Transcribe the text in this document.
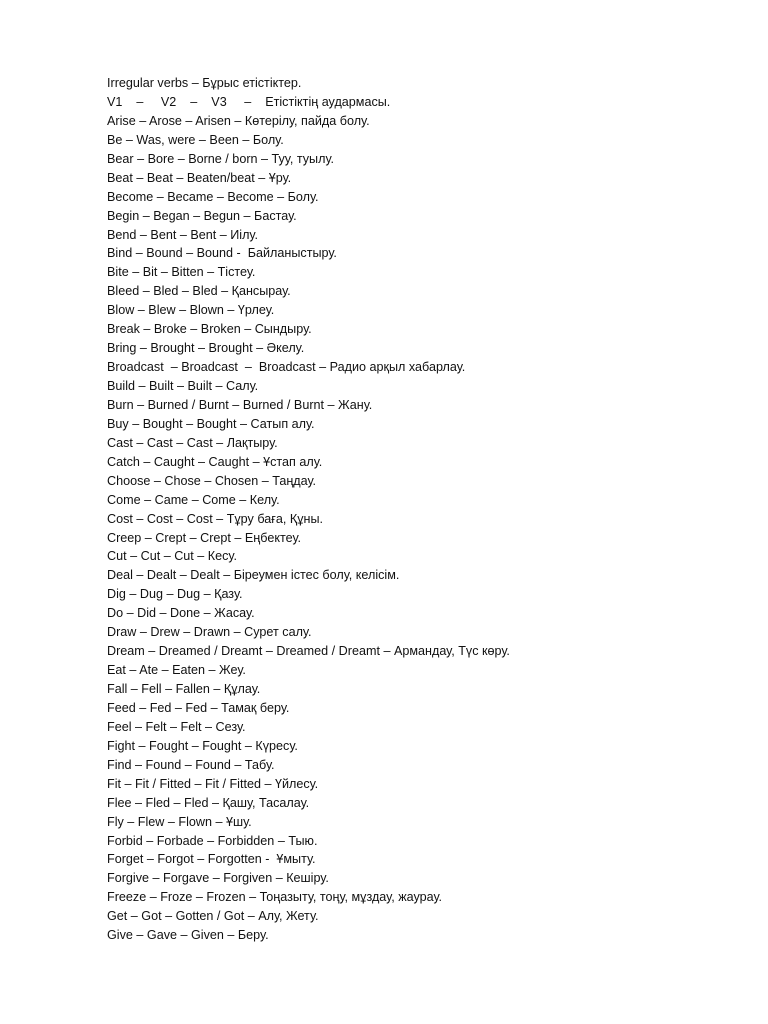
Irregular verbs – Бұрыс етістіктер.
V1    –     V2    –    V3     –    Етістіктің аудармасы.
Arise – Arose – Arisen – Көтерілу, пайда болу.
Be – Was, were – Been – Болу.
Bear – Bore – Borne / born – Туу, туылу.
Beat – Beat – Beaten/beat – Ұру.
Become – Became – Become – Болу.
Begin – Began – Begun – Бастау.
Bend – Bent – Bent – Иілу.
Bind – Bound – Bound -  Байланыстыру.
Bite – Bit – Bitten – Тістеу.
Bleed – Bled – Bled – Қансырау.
Blow – Blew – Blown – Үрлеу.
Break – Broke – Broken – Сындыру.
Bring – Brought – Brought – Әкелу.
Broadcast  – Broadcast  –  Broadcast – Радио арқыл хабарлау.
Build – Built – Built – Салу.
Burn – Burned / Burnt – Burned / Burnt – Жану.
Buy – Bought – Bought – Сатып алу.
Cast – Cast – Cast – Лақтыру.
Catch – Caught – Caught – Ұстап алу.
Choose – Chose – Chosen – Таңдау.
Come – Came – Come – Келу.
Cost – Cost – Cost – Тұру баға, Құны.
Creep – Crept – Crept – Еңбектеу.
Cut – Cut – Cut – Кесу.
Deal – Dealt – Dealt – Біреумен істес болу, келісім.
Dig – Dug – Dug – Қазу.
Do – Did – Done – Жасау.
Draw – Drew – Drawn – Сурет салу.
Dream – Dreamed / Dreamt – Dreamed / Dreamt – Армандау, Түс көру.
Eat – Ate – Eaten – Жеу.
Fall – Fell – Fallen – Құлау.
Feed – Fed – Fed – Тамақ беру.
Feel – Felt – Felt – Сезу.
Fight – Fought – Fought – Күресу.
Find – Found – Found – Табу.
Fit – Fit / Fitted – Fit / Fitted – Үйлесу.
Flee – Fled – Fled – Қашу, Тасалау.
Fly – Flew – Flown – Ұшу.
Forbid – Forbade – Forbidden – Тыю.
Forget – Forgot – Forgotten -  Ұмыту.
Forgive – Forgave – Forgiven – Кешіру.
Freeze – Froze – Frozen – Тоңазыту, тоңу, мұздау, жаурау.
Get – Got – Gotten / Got – Алу, Жету.
Give – Gave – Given – Беру.
